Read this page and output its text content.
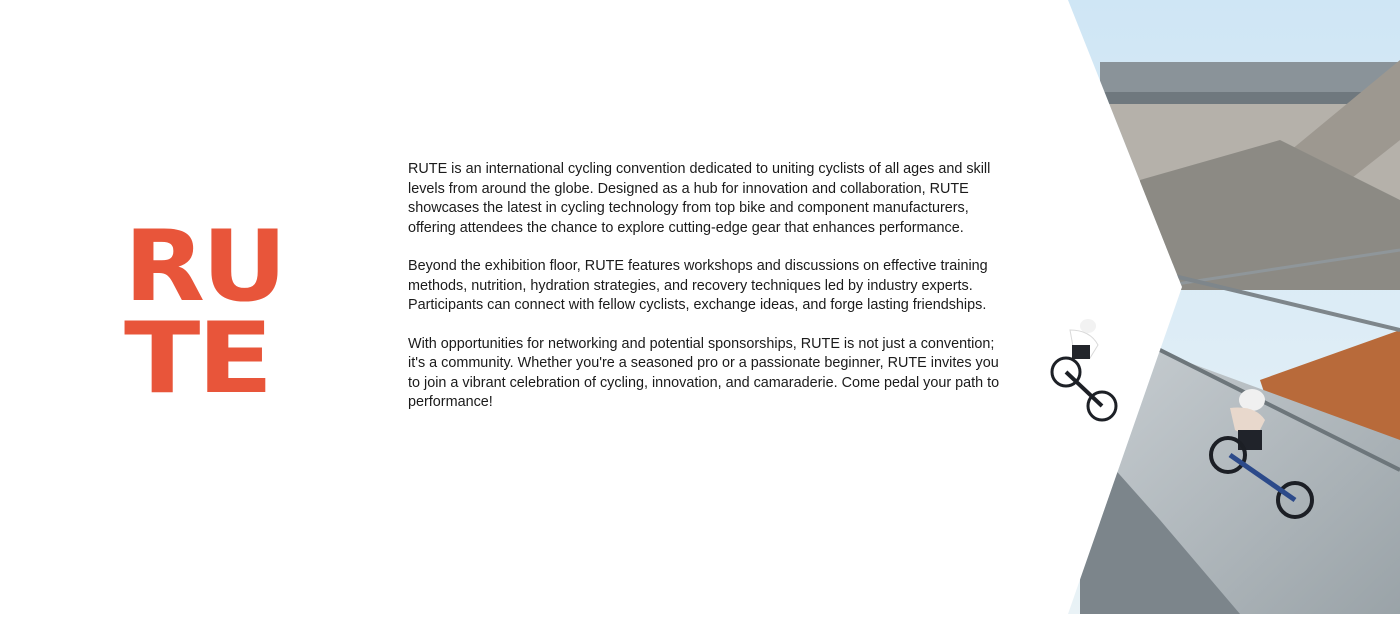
RU
TE

RUTE is an international cycling convention dedicated to uniting cyclists of all ages and skill levels from around the globe. Designed as a hub for innovation and collaboration, RUTE showcases the latest in cycling technology from top bike and component manufacturers, offering attendees the chance to explore cutting-edge gear that enhances performance.

Beyond the exhibition floor, RUTE features workshops and discussions on effective training methods, nutrition, hydration strategies, and recovery techniques led by industry experts. Participants can connect with fellow cyclists, exchange ideas, and forge lasting friendships.

With opportunities for networking and potential sponsorships, RUTE is not just a convention; it's a community. Whether you're a seasoned pro or a passionate beginner, RUTE invites you to join a vibrant celebration of cycling, innovation, and camaraderie. Come pedal your path to performance!
